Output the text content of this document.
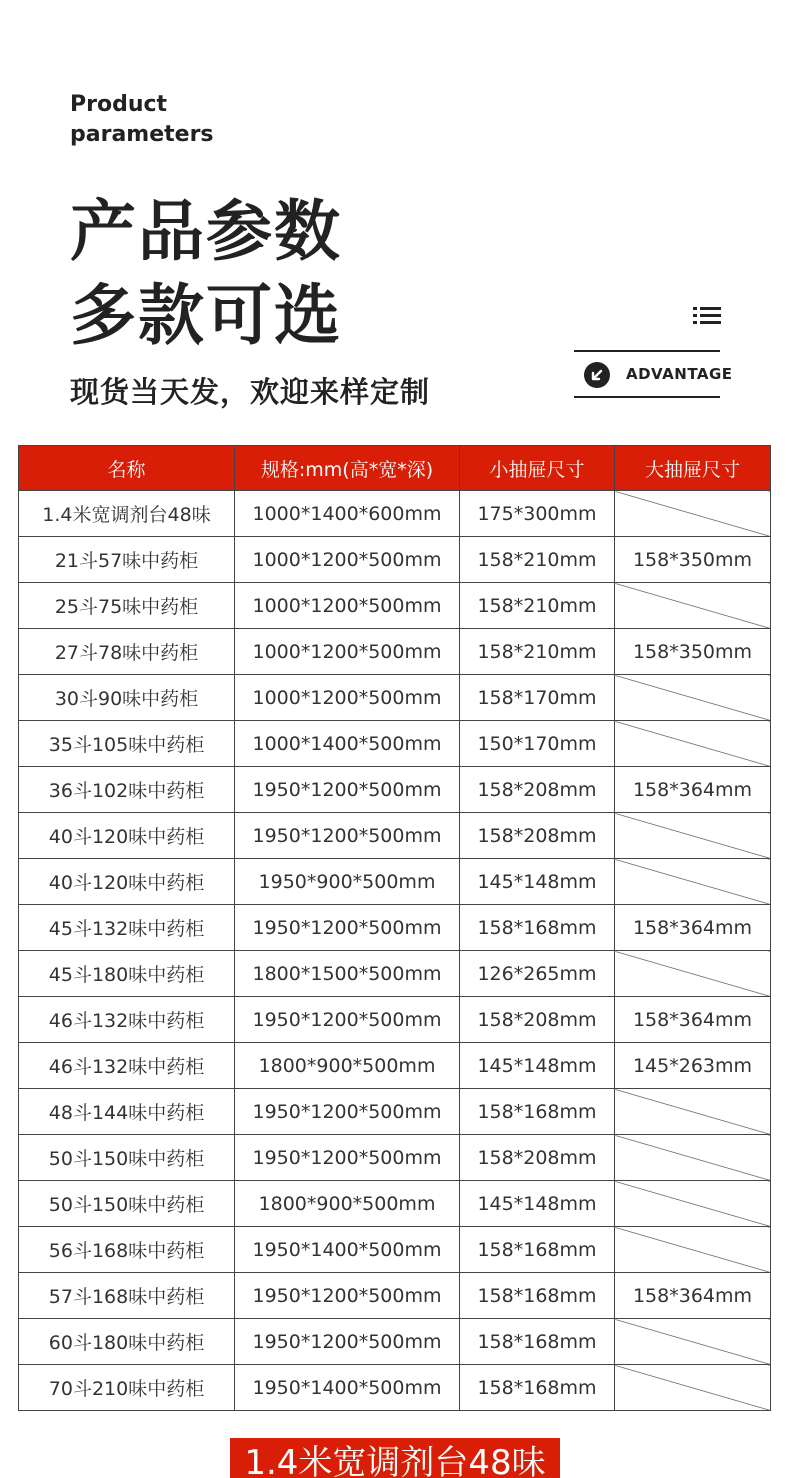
Product
parameters
产品参数
多款可选
现货当天发，欢迎来样定制
ADVANTAGE
名称	规格:mm(高*宽*深)	小抽屉尺寸	大抽屉尺寸
1.4米宽调剂台48味	1000*1400*600mm	175*300mm	
21斗57味中药柜	1000*1200*500mm	158*210mm	158*350mm
25斗75味中药柜	1000*1200*500mm	158*210mm	
27斗78味中药柜	1000*1200*500mm	158*210mm	158*350mm
30斗90味中药柜	1000*1200*500mm	158*170mm	
35斗105味中药柜	1000*1400*500mm	150*170mm	
36斗102味中药柜	1950*1200*500mm	158*208mm	158*364mm
40斗120味中药柜	1950*1200*500mm	158*208mm	
40斗120味中药柜	1950*900*500mm	145*148mm	
45斗132味中药柜	1950*1200*500mm	158*168mm	158*364mm
45斗180味中药柜	1800*1500*500mm	126*265mm	
46斗132味中药柜	1950*1200*500mm	158*208mm	158*364mm
46斗132味中药柜	1800*900*500mm	145*148mm	145*263mm
48斗144味中药柜	1950*1200*500mm	158*168mm	
50斗150味中药柜	1950*1200*500mm	158*208mm	
50斗150味中药柜	1800*900*500mm	145*148mm	
56斗168味中药柜	1950*1400*500mm	158*168mm	
57斗168味中药柜	1950*1200*500mm	158*168mm	158*364mm
60斗180味中药柜	1950*1200*500mm	158*168mm	
70斗210味中药柜	1950*1400*500mm	158*168mm	
1.4米宽调剂台48味
